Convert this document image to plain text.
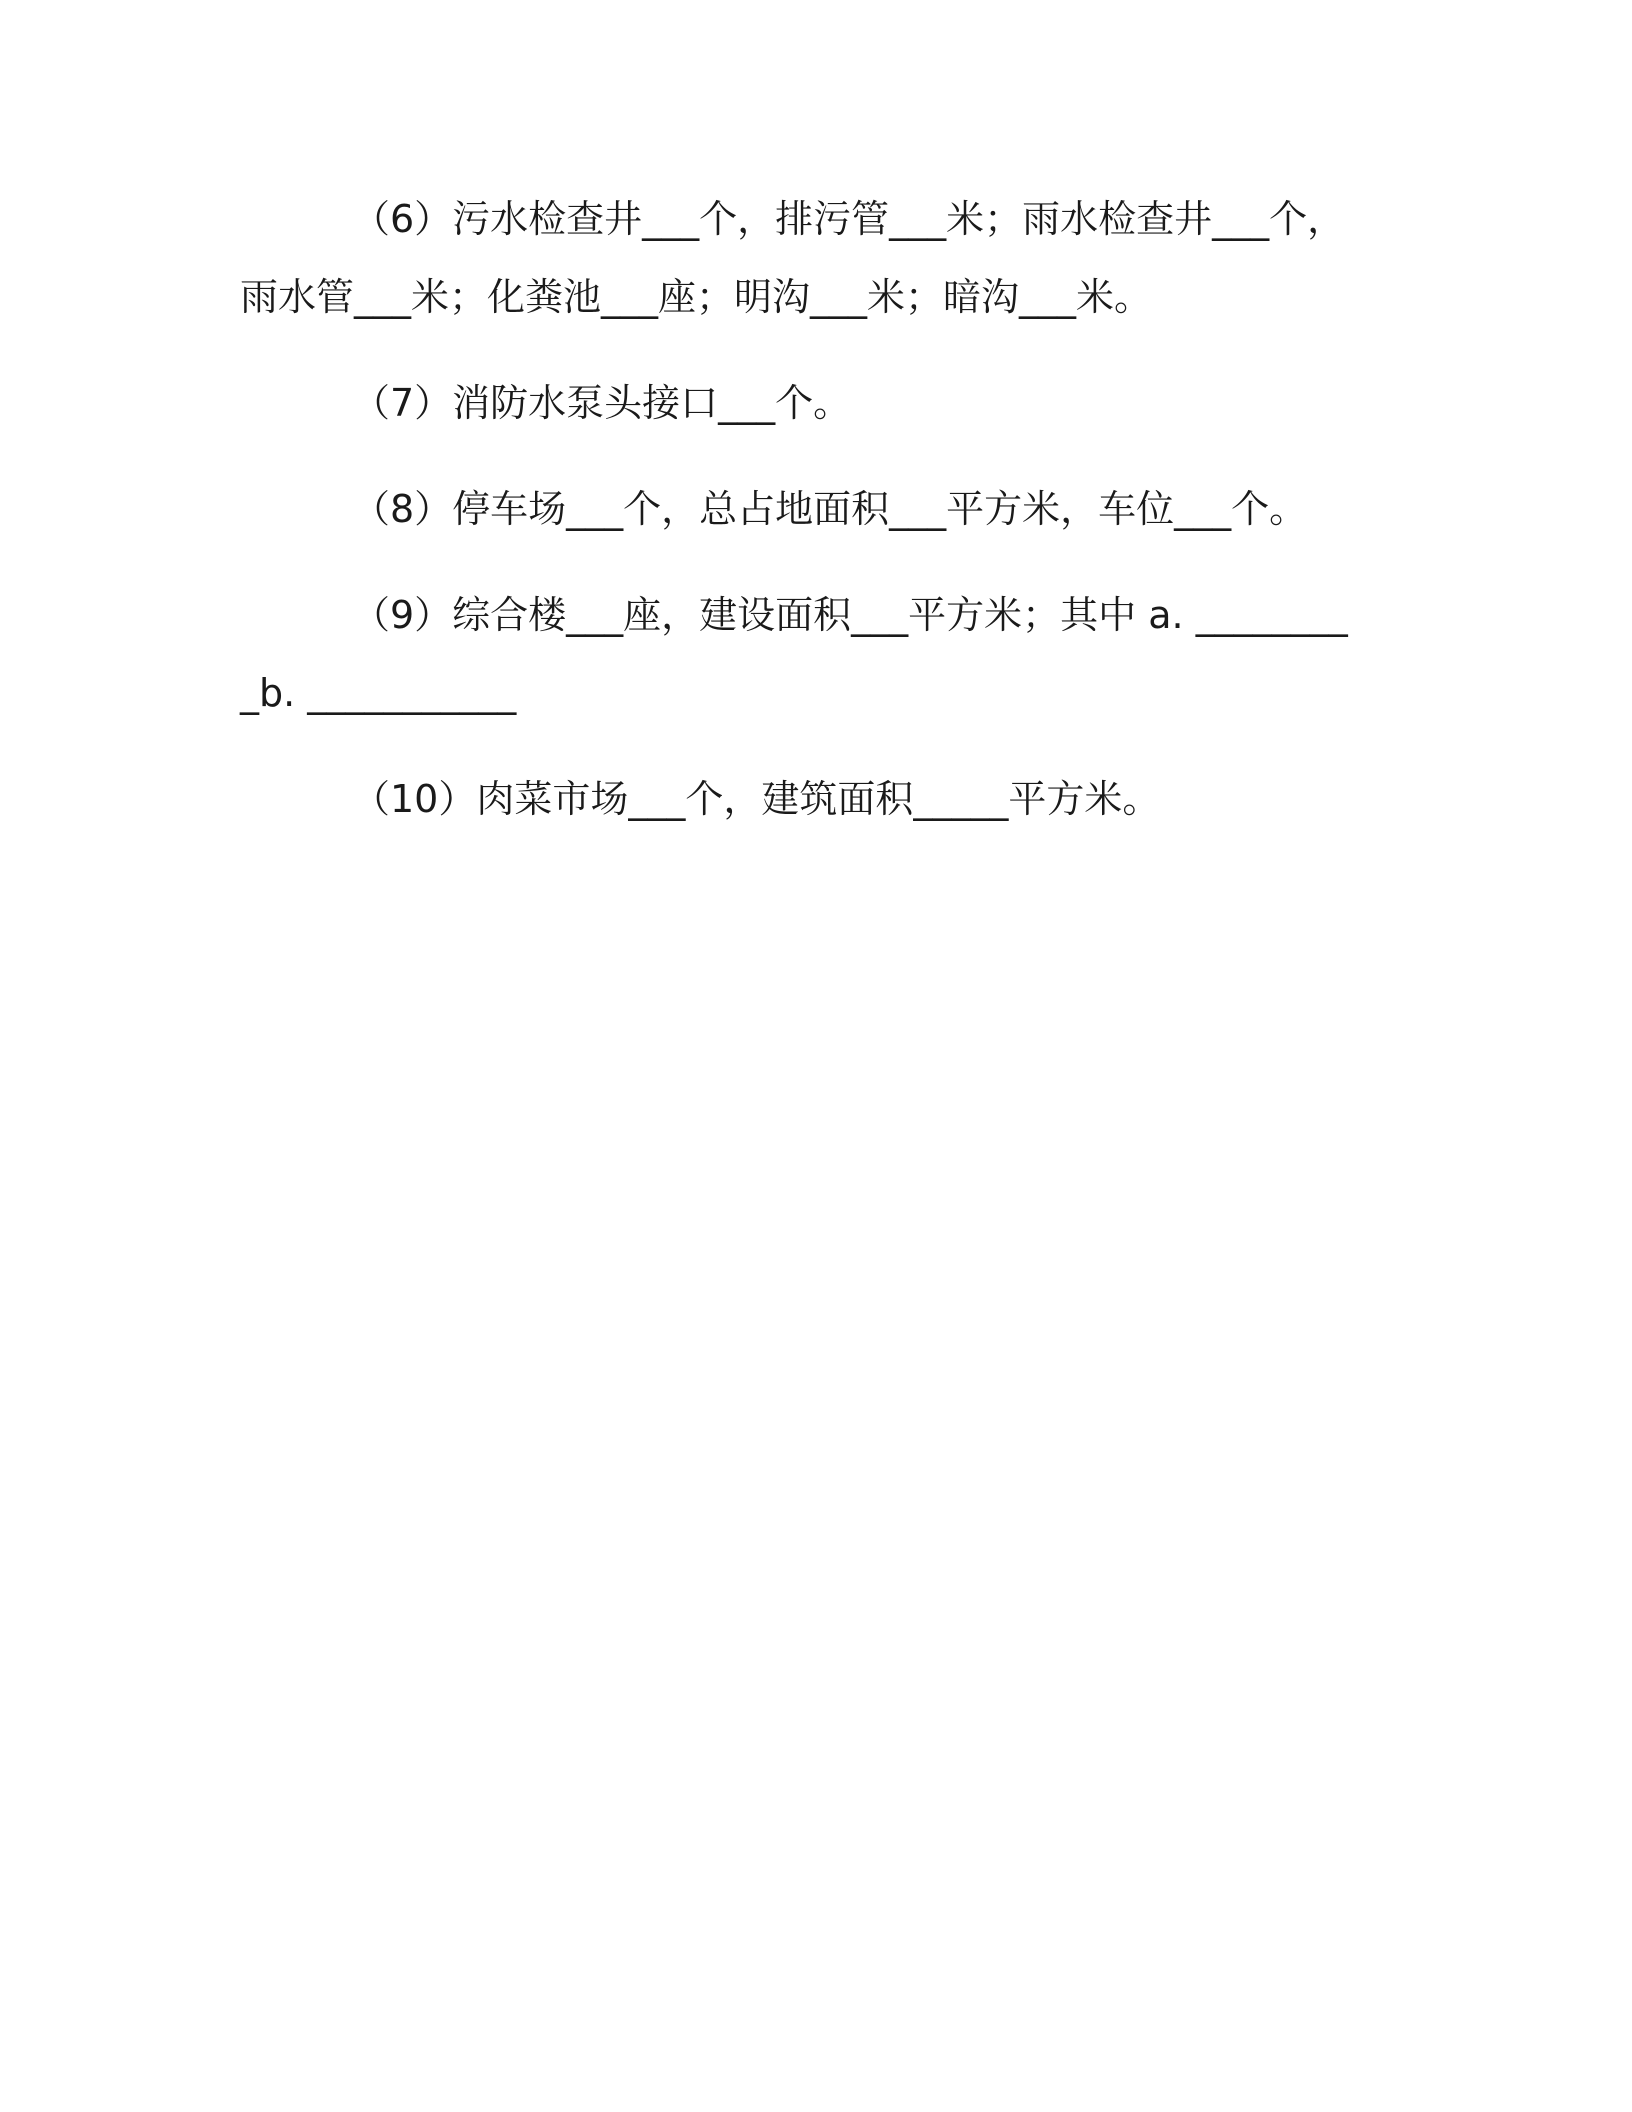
（6）污水检查井___个，排污管___米；雨水检查井___个，雨水管___米；化粪池___座；明沟___米；暗沟___米。

（7）消防水泵头接口___个。

（8）停车场___个，总占地面积___平方米，车位___个。

（9）综合楼___座，建设面积___平方米；其中 a. _________b. ___________

（10）肉菜市场___个，建筑面积_____平方米。
